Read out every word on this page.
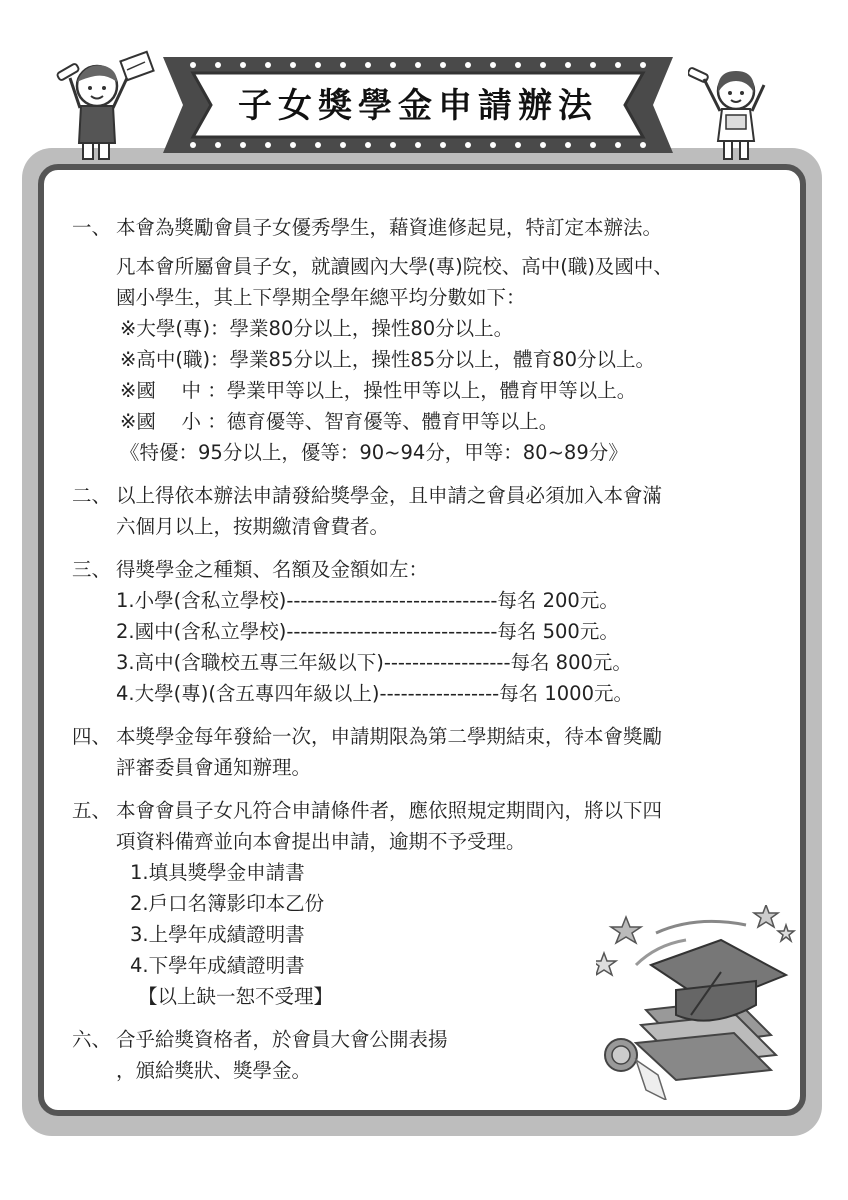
子女獎學金申請辦法
一、 本會為獎勵會員子女優秀學生，藉資進修起見，特訂定本辦法。
凡本會所屬會員子女，就讀國內大學(專)院校、高中(職)及國中、
國小學生，其上下學期全學年總平均分數如下：
※大學(專)：學業80分以上，操性80分以上。
※高中(職)：學業85分以上，操性85分以上，體育80分以上。
※國　 中 ：學業甲等以上，操性甲等以上，體育甲等以上。
※國　 小 ：德育優等、智育優等、體育甲等以上。
《特優：95分以上，優等：90~94分，甲等：80~89分》
二、 以上得依本辦法申請發給獎學金，且申請之會員必須加入本會滿
六個月以上，按期繳清會費者。
三、 得獎學金之種類、名額及金額如左：
1.小學(含私立學校)------------------------------每名 200元。
2.國中(含私立學校)------------------------------每名 500元。
3.高中(含職校五專三年級以下)------------------每名 800元。
4.大學(專)(含五專四年級以上)-----------------每名 1000元。
四、 本獎學金每年發給一次，申請期限為第二學期結束，待本會獎勵
評審委員會通知辦理。
五、 本會會員子女凡符合申請條件者，應依照規定期間內，將以下四
項資料備齊並向本會提出申請，逾期不予受理。
1.填具獎學金申請書
2.戶口名簿影印本乙份
3.上學年成績證明書
4.下學年成績證明書
【以上缺一恕不受理】
六、 合乎給獎資格者，於會員大會公開表揚
，頒給獎狀、獎學金。
